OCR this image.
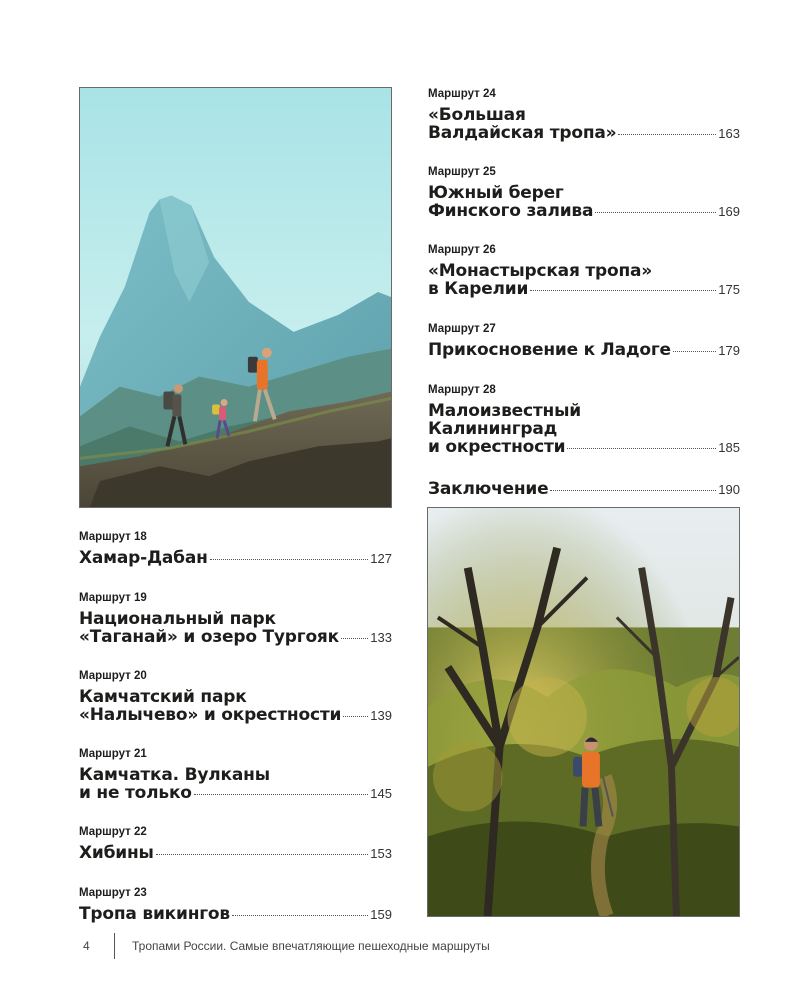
Маршрут 18
Хамар-Дабан	127
Маршрут 19
Национальный парк
«Таганай» и озеро Тургояк 133
Маршрут 20
Камчатский парк
«Налычево» и окрестности 139
Маршрут 21
Камчатка. Вулканы
и не только	145
Маршрут 22
Хибины	153
Маршрут 23
Тропа викингов	159
Маршрут 24
«Большая
Валдайская тропа»	163
Маршрут 25
Южный берег
Финского залива	169
Маршрут 26
«Монастырская тропа»
в Карелии	175
Маршрут 27
Прикосновение к Ладоге	179
Маршрут 28
Малоизвестный
Калининград
и окрестности	185
Заключение	190
4	Тропами России. Самые впечатляющие пешеходные маршруты
